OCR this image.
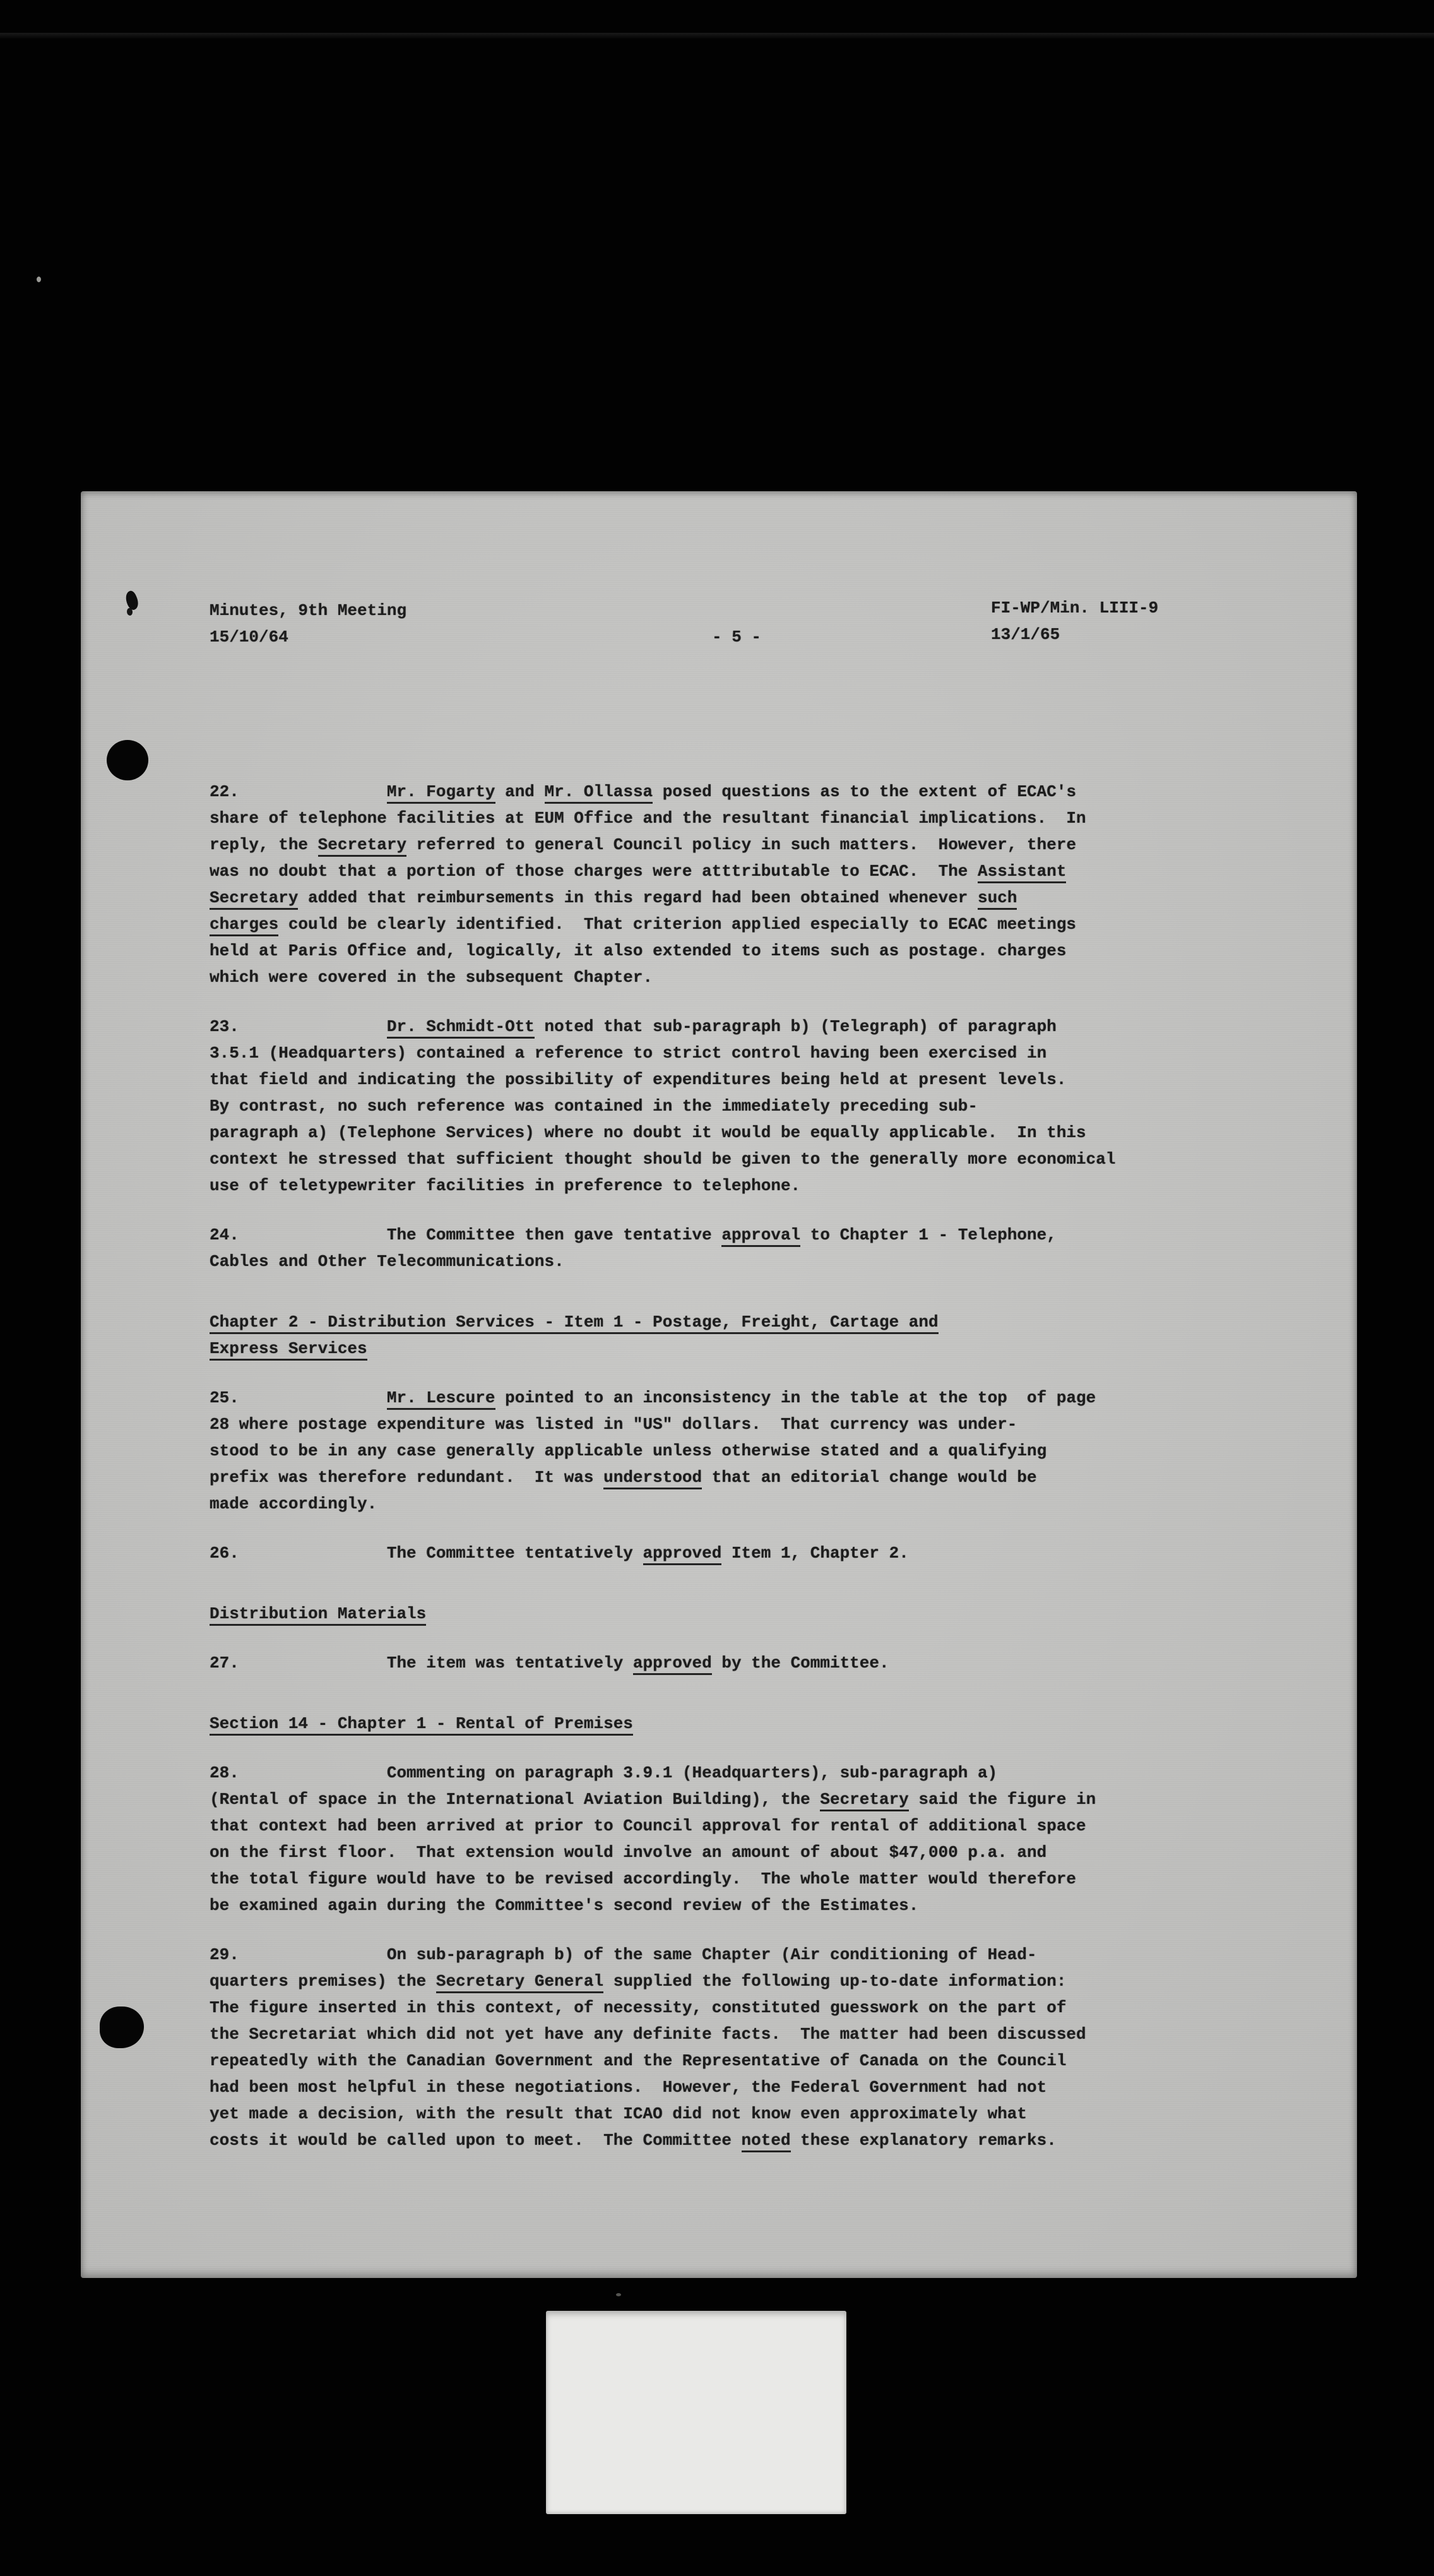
Minutes, 9th Meeting
15/10/64	- 5 -
FI-WP/Min. LIII-9
13/1/65
22.               Mr. Fogarty and Mr. Ollassa posed questions as to the extent of ECAC's
share of telephone facilities at EUM Office and the resultant financial implications.  In
reply, the Secretary referred to general Council policy in such matters.  However, there
was no doubt that a portion of those charges were atttributable to ECAC.  The Assistant
Secretary added that reimbursements in this regard had been obtained whenever such
charges could be clearly identified.  That criterion applied especially to ECAC meetings
held at Paris Office and, logically, it also extended to items such as postage. charges
which were covered in the subsequent Chapter.
23.               Dr. Schmidt-Ott noted that sub-paragraph b) (Telegraph) of paragraph
3.5.1 (Headquarters) contained a reference to strict control having been exercised in
that field and indicating the possibility of expenditures being held at present levels.
By contrast, no such reference was contained in the immediately preceding sub-
paragraph a) (Telephone Services) where no doubt it would be equally applicable.  In this
context he stressed that sufficient thought should be given to the generally more economical
use of teletypewriter facilities in preference to telephone.
24.               The Committee then gave tentative approval to Chapter 1 - Telephone,
Cables and Other Telecommunications.
Chapter 2 - Distribution Services - Item 1 - Postage, Freight, Cartage and
Express Services
25.               Mr. Lescure pointed to an inconsistency in the table at the top  of page
28 where postage expenditure was listed in "US" dollars.  That currency was under-
stood to be in any case generally applicable unless otherwise stated and a qualifying
prefix was therefore redundant.  It was understood that an editorial change would be
made accordingly.
26.               The Committee tentatively approved Item 1, Chapter 2.
Distribution Materials
27.               The item was tentatively approved by the Committee.
Section 14 - Chapter 1 - Rental of Premises
28.               Commenting on paragraph 3.9.1 (Headquarters), sub-paragraph a)
(Rental of space in the International Aviation Building), the Secretary said the figure in
that context had been arrived at prior to Council approval for rental of additional space
on the first floor.  That extension would involve an amount of about $47,000 p.a. and
the total figure would have to be revised accordingly.  The whole matter would therefore
be examined again during the Committee's second review of the Estimates.
29.               On sub-paragraph b) of the same Chapter (Air conditioning of Head-
quarters premises) the Secretary General supplied the following up-to-date information:
The figure inserted in this context, of necessity, constituted guesswork on the part of
the Secretariat which did not yet have any definite facts.  The matter had been discussed
repeatedly with the Canadian Government and the Representative of Canada on the Council
had been most helpful in these negotiations.  However, the Federal Government had not
yet made a decision, with the result that ICAO did not know even approximately what
costs it would be called upon to meet.  The Committee noted these explanatory remarks.
